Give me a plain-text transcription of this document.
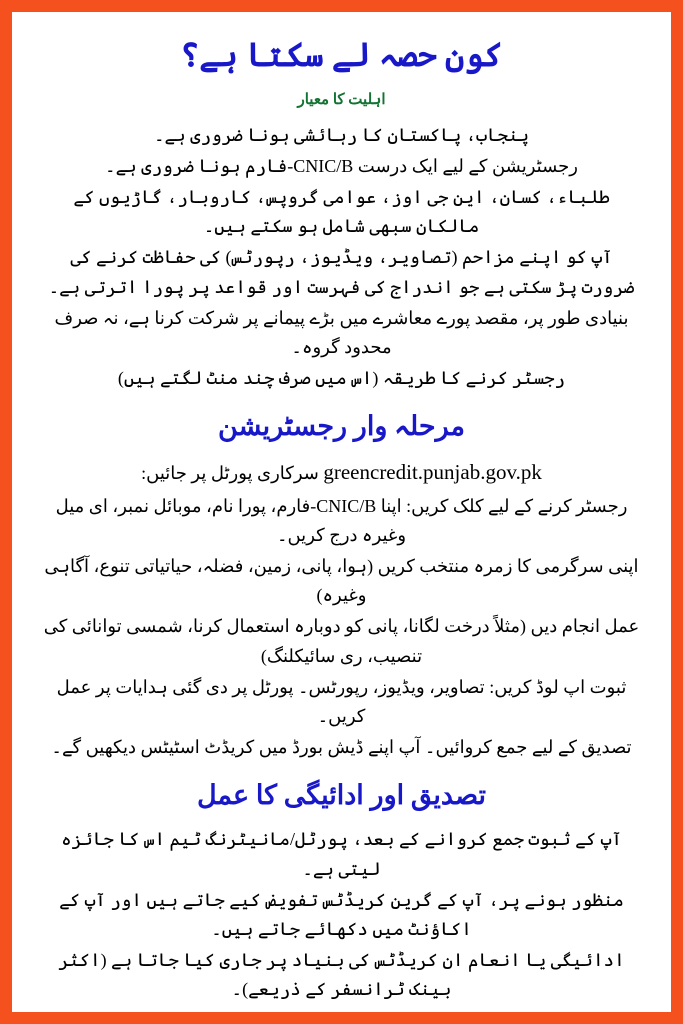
کون حصہ لے سکتا ہے؟
اہلیت کا معیار

پنجاب، پاکستان کا رہائشی ہونا ضروری ہے۔

رجسٹریشن کے لیے ایک درست CNIC/B-فارم ہونا ضروری ہے۔

طلباء، کسان، این جی اوز، عوامی گروپس، کاروبار، گاڑیوں کے مالکان سبھی شامل ہو سکتے ہیں۔

آپ کو اپنے مزاحم (تصاویر، ویڈیوز، رپورٹس) کی حفاظت کرنے کی ضرورت پڑ سکتی ہے جو اندراج کی فہرست اور قواعد پر پورا اترتی ہے۔

بنیادی طور پر، مقصد پورے معاشرے میں بڑے پیمانے پر شرکت کرنا ہے، نہ صرف محدود گروہ۔

رجسٹر کرنے کا طریقہ (اس میں صرف چند منٹ لگتے ہیں)

مرحلہ وار رجسٹریشن

greencredit.punjab.gov.pk سرکاری پورٹل پر جائیں:

رجسٹر کرنے کے لیے کلک کریں: اپنا CNIC/B-فارم، پورا نام، موبائل نمبر، ای میل وغیرہ درج کریں۔

اپنی سرگرمی کا زمرہ منتخب کریں (ہوا، پانی، زمین، فضلہ، حیاتیاتی تنوع، آگاہی وغیرہ)

عمل انجام دیں (مثلاً درخت لگانا، پانی کو دوبارہ استعمال کرنا، شمسی توانائی کی تنصیب، ری سائیکلنگ)

ثبوت اپ لوڈ کریں: تصاویر، ویڈیوز، رپورٹس۔ پورٹل پر دی گئی ہدایات پر عمل کریں۔

تصدیق کے لیے جمع کروائیں۔ آپ اپنے ڈیش بورڈ میں کریڈٹ اسٹیٹس دیکھیں گے۔

تصدیق اور ادائیگی کا عمل

آپ کے ثبوت جمع کروانے کے بعد، پورٹل/مانیٹرنگ ٹیم اس کا جائزہ لیتی ہے۔

منظور ہونے پر، آپ کے گرین کریڈٹس تفویض کیے جاتے ہیں اور آپ کے اکاؤنٹ میں دکھائے جاتے ہیں۔

ادائیگی یا انعام ان کریڈٹس کی بنیاد پر جاری کیا جاتا ہے (اکثر بینک ٹرانسفر کے ذریعے)۔
